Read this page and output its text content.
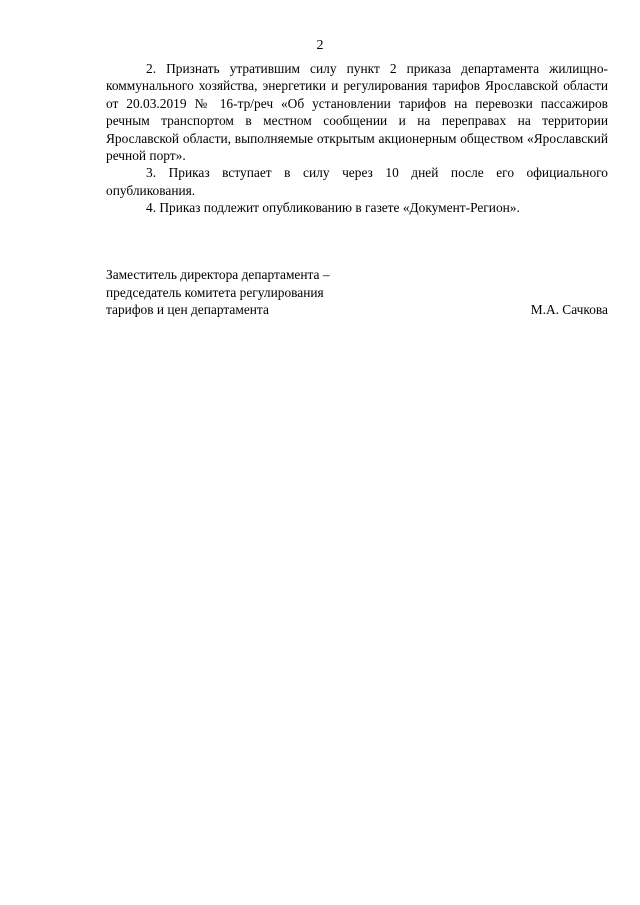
2

2. Признать утратившим силу пункт 2 приказа департамента жилищно-коммунального хозяйства, энергетики и регулирования тарифов Ярославской области от 20.03.2019 № 16-тр/реч «Об установлении тарифов на перевозки пассажиров речным транспортом в местном сообщении и на переправах на территории Ярославской области, выполняемые открытым акционерным обществом «Ярославский речной порт».

3. Приказ вступает в силу через 10 дней после его официального опубликования.

4. Приказ подлежит опубликованию в газете «Документ-Регион».

Заместитель директора департамента –

председатель комитета регулирования

тарифов и цен департамента	М.А. Сачкова
